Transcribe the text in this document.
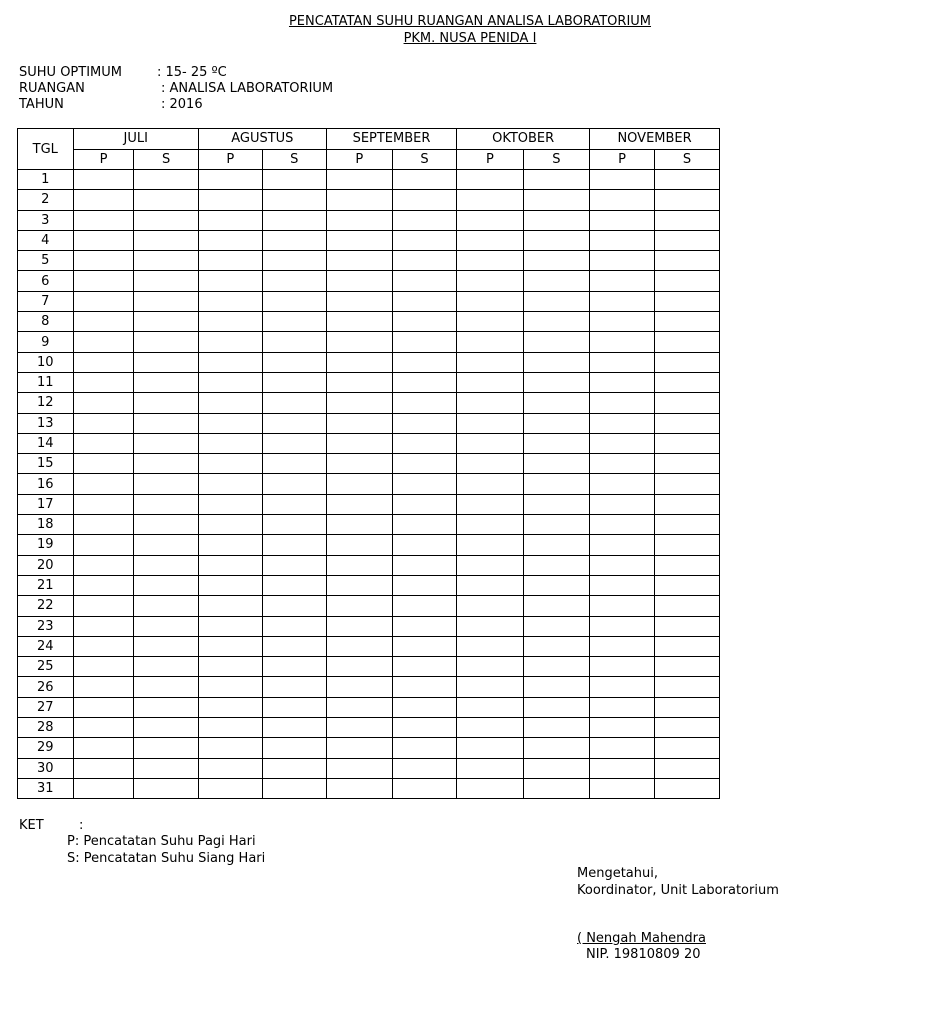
PENCATATAN SUHU RUANGAN ANALISA LABORATORIUM
PKM. NUSA PENIDA I
SUHU OPTIMUM	: 15- 25 ºC
RUANGAN	: ANALISA LABORATORIUM
TAHUN	: 2016
TGL	JULI		AGUSTUS		SEPTEMBER		OKTOBER		NOVEMBER	
	P	S	P	S	P	S	P	S	P	S
1										
2										
3										
4										
5										
6										
7										
8										
9										
10										
11										
12										
13										
14										
15										
16										
17										
18										
19										
20										
21										
22										
23										
24										
25										
26										
27										
28										
29										
30										
31										
KET	:
P: Pencatatan Suhu Pagi Hari
S: Pencatatan Suhu Siang Hari
Mengetahui,
Koordinator, Unit Laboratorium
( Nengah Mahendra
NIP. 19810809 20
